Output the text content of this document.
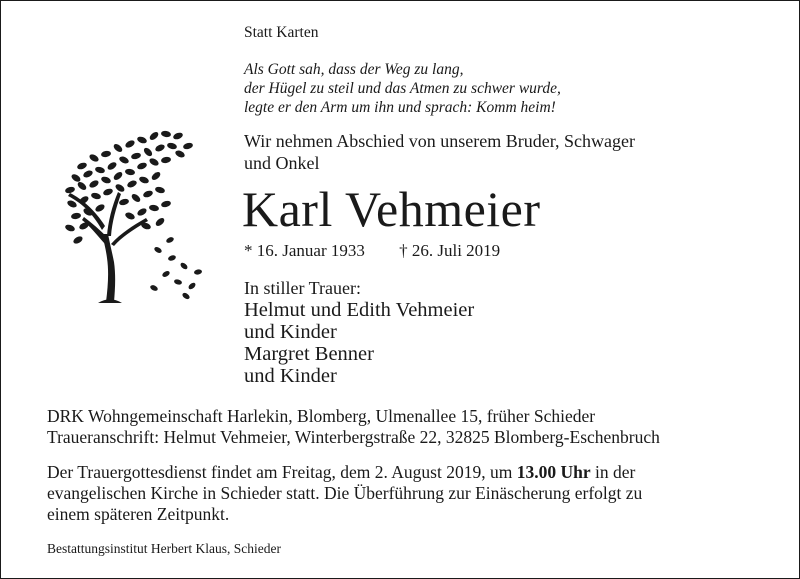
Statt Karten
Als Gott sah, dass der Weg zu lang,
der Hügel zu steil und das Atmen zu schwer wurde,
legte er den Arm um ihn und sprach: Komm heim!
Wir nehmen Abschied von unserem Bruder, Schwager
und Onkel
Karl Vehmeier
* 16. Januar 1933 † 26. Juli 2019
In stiller Trauer:
Helmut und Edith Vehmeier
und Kinder
Margret Benner
und Kinder
DRK Wohngemeinschaft Harlekin, Blomberg, Ulmenallee 15, früher Schieder
Traueranschrift: Helmut Vehmeier, Winterbergstraße 22, 32825 Blomberg-Eschenbruch
Der Trauergottesdienst findet am Freitag, dem 2. August 2019, um 13.00 Uhr in der
evangelischen Kirche in Schieder statt. Die Überführung zur Einäscherung erfolgt zu
einem späteren Zeitpunkt.
Bestattungsinstitut Herbert Klaus, Schieder
